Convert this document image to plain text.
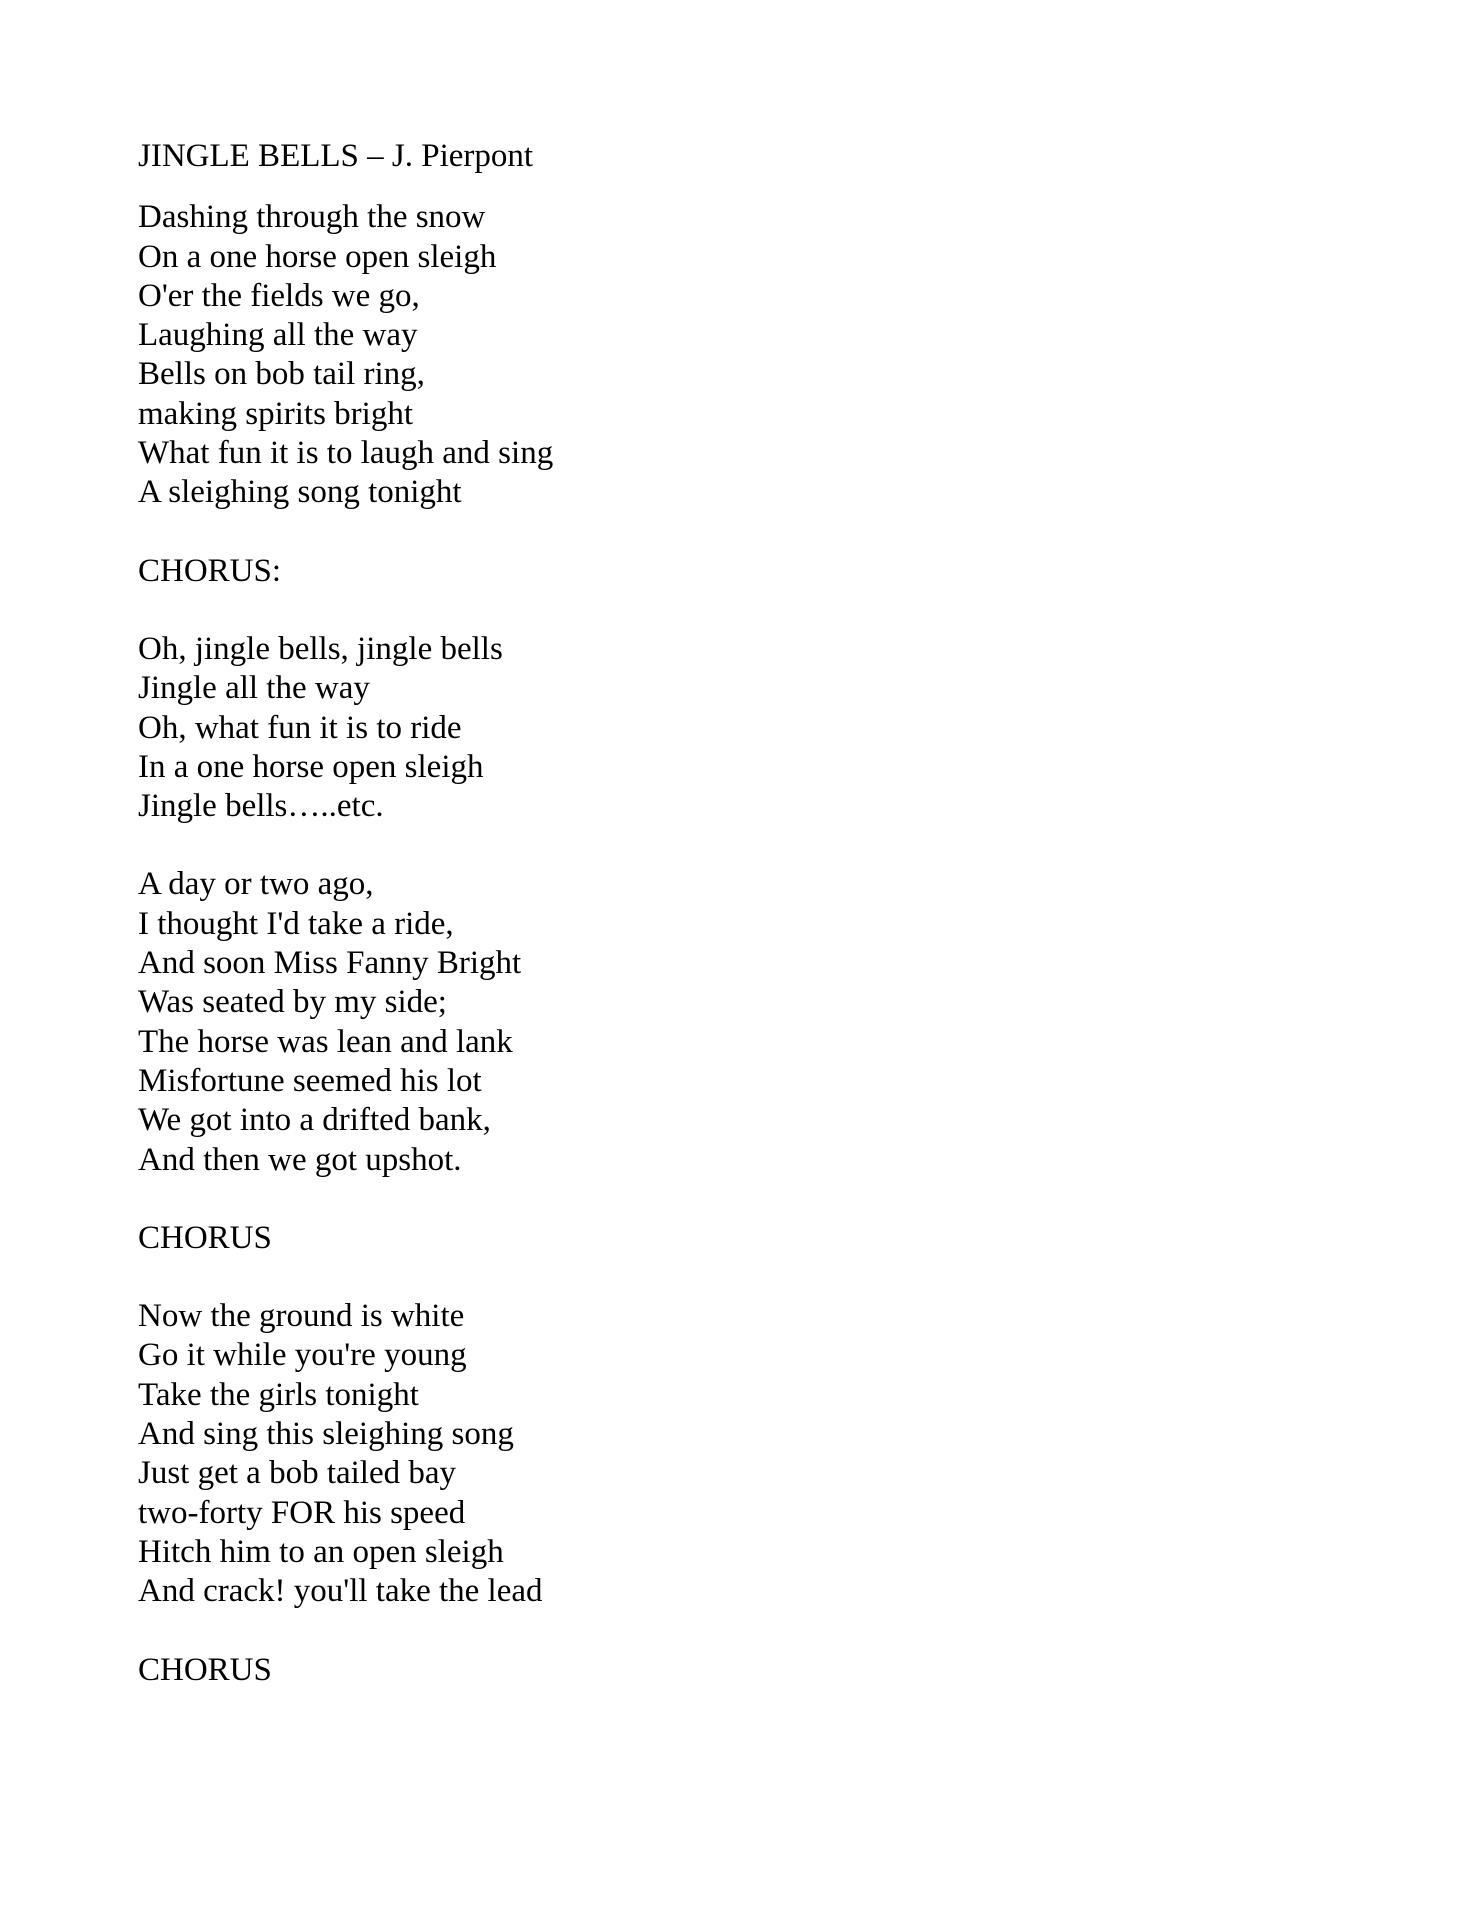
JINGLE BELLS – J. Pierpont
Dashing through the snow
On a one horse open sleigh
O'er the fields we go,
Laughing all the way
Bells on bob tail ring,
making spirits bright
What fun it is to laugh and sing
A sleighing song tonight
CHORUS:
Oh, jingle bells, jingle bells
Jingle all the way
Oh, what fun it is to ride
In a one horse open sleigh
Jingle bells…..etc.
A day or two ago,
I thought I'd take a ride,
And soon Miss Fanny Bright
Was seated by my side;
The horse was lean and lank
Misfortune seemed his lot
We got into a drifted bank,
And then we got upshot.
CHORUS
Now the ground is white
Go it while you're young
Take the girls tonight
And sing this sleighing song
Just get a bob tailed bay
two-forty FOR his speed
Hitch him to an open sleigh
And crack! you'll take the lead
CHORUS
